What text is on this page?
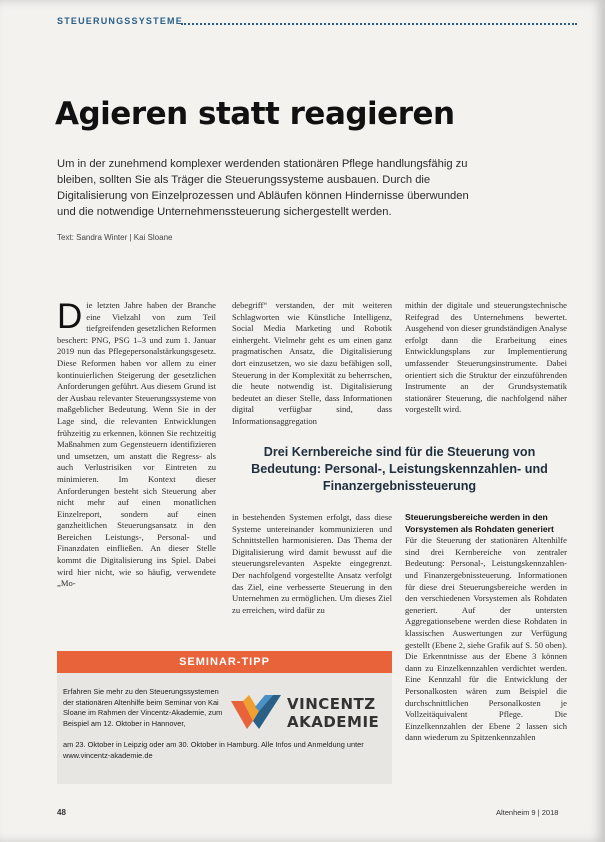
STEUERUNGSSYSTEME
Agieren statt reagieren

Um in der zunehmend komplexer werdenden stationären Pflege handlungsfähig zu bleiben, sollten Sie als Träger die Steuerungssysteme ausbauen. Durch die Digitalisierung von Einzelprozessen und Abläufen können Hindernisse überwunden und die notwendige Unternehmenssteuerung sichergestellt werden.

Text: Sandra Winter | Kai Sloane

Die letzten Jahre haben der Branche eine Vielzahl von zum Teil tiefgreifenden gesetzlichen Reformen beschert: PNG, PSG 1–3 und zum 1. Januar 2019 nun das Pflegepersonalstärkungsgesetz. Diese Reformen haben vor allem zu einer kontinuierlichen Steigerung der gesetzlichen Anforderungen geführt. Aus diesem Grund ist der Ausbau relevanter Steuerungssysteme von maßgeblicher Bedeutung. Wenn Sie in der Lage sind, die relevanten Entwicklungen frühzeitig zu erkennen, können Sie rechtzeitig Maßnahmen zum Gegensteuern identifizieren und umsetzen, um anstatt die Regress- als auch Verlustrisiken vor Eintreten zu minimieren. Im Kontext dieser Anforderungen besteht sich Steuerung aber nicht mehr auf einen monatlichen Einzelreport, sondern auf einen ganzheitlichen Steuerungsansatz in den Bereichen Leistungs-, Personal- und Finanzdaten einfließen. An dieser Stelle kommt die Digitalisierung ins Spiel. Dabei wird hier nicht, wie so häufig, verwendete „Mo-

debegriff“ verstanden, der mit weiteren Schlagworten wie Künstliche Intelligenz, Social Media Marketing und Robotik einhergeht. Vielmehr geht es um einen ganz pragmatischen Ansatz, die Digitalisierung dort einzusetzen, wo sie dazu befähigen soll, Steuerung in der Komplexität zu beherrschen, die heute notwendig ist. Digitalisierung bedeutet an dieser Stelle, dass Informationen digital verfügbar sind, dass Informationsaggregation

mithin der digitale und steuerungstechnische Reifegrad des Unternehmens bewertet. Ausgehend von dieser grundständigen Analyse erfolgt dann die Erarbeitung eines Entwicklungsplans zur Implementierung umfassender Steuerungsinstrumente. Dabei orientiert sich die Struktur der einzuführenden Instrumente an der Grundsystematik stationärer Steuerung, die nachfolgend näher vorgestellt wird.

Drei Kernbereiche sind für die Steuerung von Bedeutung: Personal-, Leistungskennzahlen- und Finanzergebnissteuerung

in bestehenden Systemen erfolgt, dass diese Systeme untereinander kommunizieren und Schnittstellen harmonisieren. Das Thema der Digitalisierung wird damit bewusst auf die steuerungsrelevanten Aspekte eingegrenzt. Der nachfolgend vorgestellte Ansatz verfolgt das Ziel, eine verbesserte Steuerung in den Unternehmen zu ermöglichen. Um dieses Ziel zu erreichen, wird dafür zu

Steuerungsbereiche werden in den Vorsystemen als Rohdaten generiert
Für die Steuerung der stationären Altenhilfe sind drei Kernbereiche von zentraler Bedeutung: Personal-, Leistungskennzahlen- und Finanzergebnissteuerung. Informationen für diese drei Steuerungsbereiche werden in den verschiedenen Vorsystemen als Rohdaten generiert. Auf der untersten Aggregationsebene werden diese Rohdaten in klassischen Auswertungen zur Verfügung gestellt (Ebene 2, siehe Grafik auf S. 50 oben). Die Erkenntnisse aus der Ebene 3 können dann zu Einzelkennzahlen verdichtet werden. Eine Kennzahl für die Entwicklung der Personalkosten wären zum Beispiel die durchschnittlichen Personalkosten je Vollzeitäquivalent Pflege. Die Einzelkennzahlen der Ebene 2 lassen sich dann wiederum zu Spitzenkennzahlen

SEMINAR-TIPP

Erfahren Sie mehr zu den Steuerungssystemen der stationären Altenhilfe beim Seminar von Kai Sloane im Rahmen der Vincentz-Akademie, zum Beispiel am 12. Oktober in Hannover,

VINCENTZ
AKADEMIE

am 23. Oktober in Leipzig oder am 30. Oktober in Hamburg. Alle Infos und Anmeldung unter www.vincentz-akademie.de

48	Altenheim 9 | 2018
